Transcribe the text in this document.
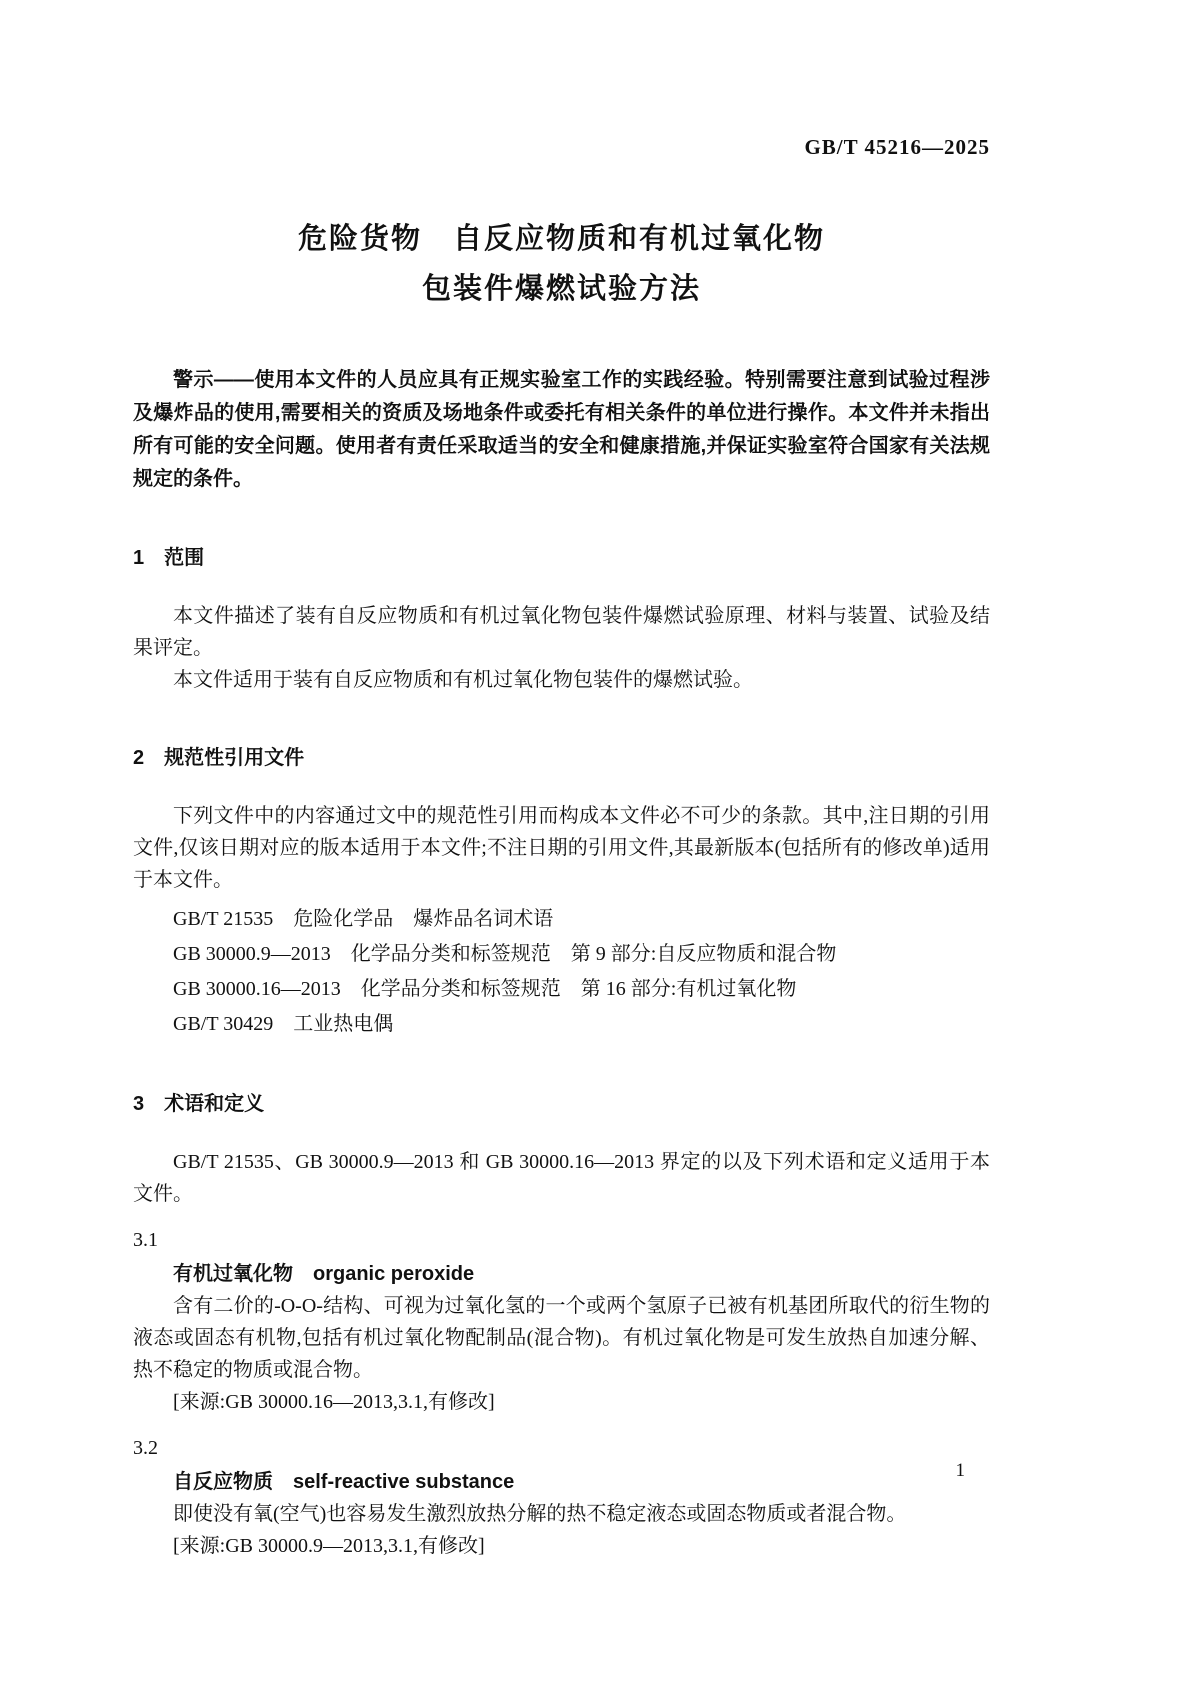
GB/T 45216—2025
危险货物　自反应物质和有机过氧化物
包装件爆燃试验方法

警示——使用本文件的人员应具有正规实验室工作的实践经验。特别需要注意到试验过程涉及爆炸品的使用,需要相关的资质及场地条件或委托有相关条件的单位进行操作。本文件并未指出所有可能的安全问题。使用者有责任采取适当的安全和健康措施,并保证实验室符合国家有关法规规定的条件。

1　范围

本文件描述了装有自反应物质和有机过氧化物包装件爆燃试验原理、材料与装置、试验及结果评定。

本文件适用于装有自反应物质和有机过氧化物包装件的爆燃试验。

2　规范性引用文件

下列文件中的内容通过文中的规范性引用而构成本文件必不可少的条款。其中,注日期的引用文件,仅该日期对应的版本适用于本文件;不注日期的引用文件,其最新版本(包括所有的修改单)适用于本文件。

GB/T 21535　危险化学品　爆炸品名词术语

GB 30000.9—2013　化学品分类和标签规范　第 9 部分:自反应物质和混合物

GB 30000.16—2013　化学品分类和标签规范　第 16 部分:有机过氧化物

GB/T 30429　工业热电偶

3　术语和定义

GB/T 21535、GB 30000.9—2013 和 GB 30000.16—2013 界定的以及下列术语和定义适用于本文件。

3.1

有机过氧化物　organic peroxide

含有二价的-O-O-结构、可视为过氧化氢的一个或两个氢原子已被有机基团所取代的衍生物的液态或固态有机物,包括有机过氧化物配制品(混合物)。有机过氧化物是可发生放热自加速分解、热不稳定的物质或混合物。

[来源:GB 30000.16—2013,3.1,有修改]

3.2

自反应物质　self-reactive substance

即使没有氧(空气)也容易发生激烈放热分解的热不稳定液态或固态物质或者混合物。

[来源:GB 30000.9—2013,3.1,有修改]

1
